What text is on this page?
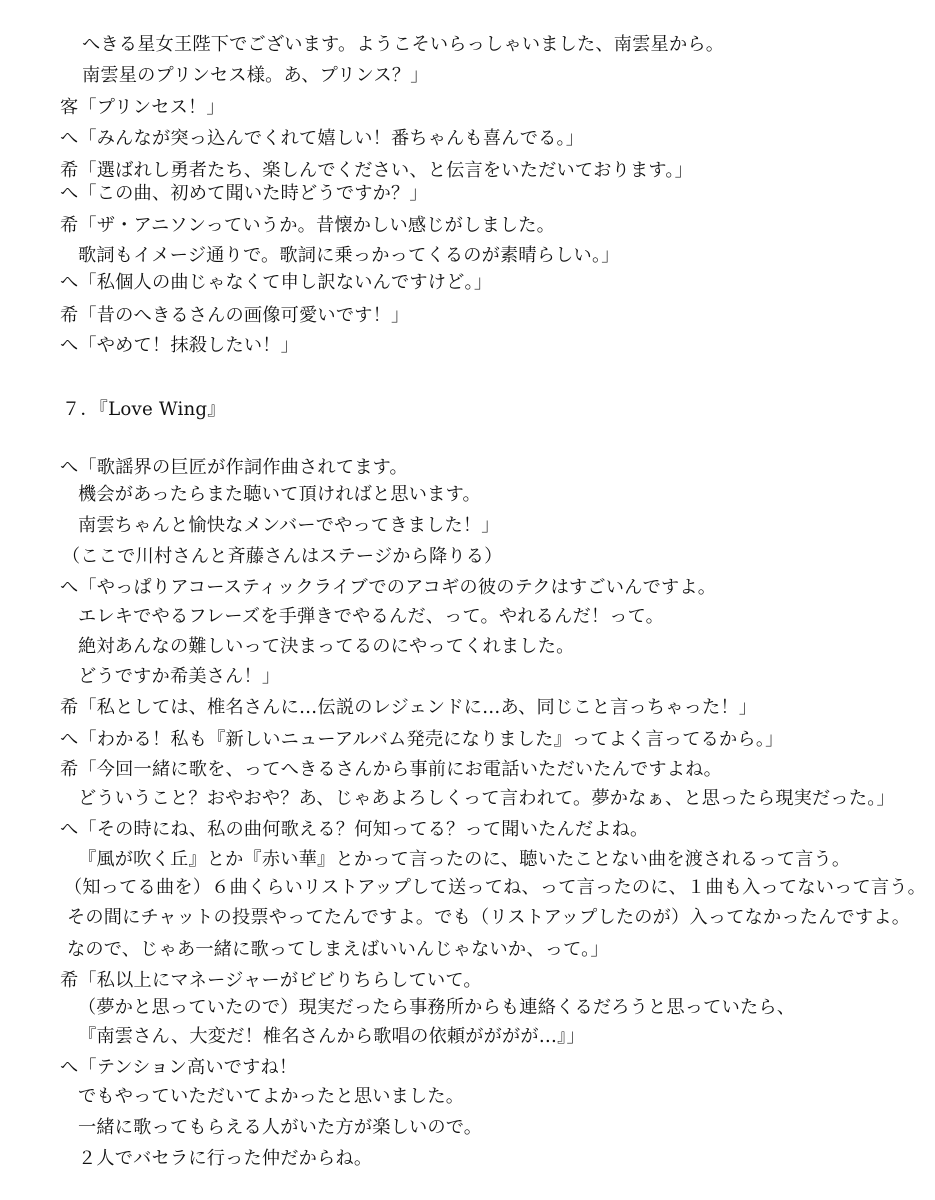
へきる星女王陛下でございます。ようこそいらっしゃいました、南雲星から。
南雲星のプリンセス様。あ、プリンス？」
客「プリンセス！」
へ「みんなが突っ込んでくれて嬉しい！番ちゃんも喜んでる。」
希「選ばれし勇者たち、楽しんでください、と伝言をいただいております。」
へ「この曲、初めて聞いた時どうですか？」
希「ザ・アニソンっていうか。昔懐かしい感じがしました。
歌詞もイメージ通りで。歌詞に乗っかってくるのが素晴らしい。」
へ「私個人の曲じゃなくて申し訳ないんですけど。」
希「昔のへきるさんの画像可愛いです！」
へ「やめて！抹殺したい！」
７．『Love Wing』
へ「歌謡界の巨匠が作詞作曲されてます。
機会があったらまた聴いて頂ければと思います。
南雲ちゃんと愉快なメンバーでやってきました！」
（ここで川村さんと斉藤さんはステージから降りる）
へ「やっぱりアコースティックライブでのアコギの彼のテクはすごいんですよ。
エレキでやるフレーズを手弾きでやるんだ、って。やれるんだ！って。
絶対あんなの難しいって決まってるのにやってくれました。
どうですか希美さん！」
希「私としては、椎名さんに…伝説のレジェンドに…あ、同じこと言っちゃった！」
へ「わかる！私も『新しいニューアルバム発売になりました』ってよく言ってるから。」
希「今回一緒に歌を、ってへきるさんから事前にお電話いただいたんですよね。
どういうこと？おやおや？あ、じゃあよろしくって言われて。夢かなぁ、と思ったら現実だった。」
へ「その時にね、私の曲何歌える？何知ってる？って聞いたんだよね。
『風が吹く丘』とか『赤い華』とかって言ったのに、聴いたことない曲を渡されるって言う。
（知ってる曲を）６曲くらいリストアップして送ってね、って言ったのに、１曲も入ってないって言う。
その間にチャットの投票やってたんですよ。でも（リストアップしたのが）入ってなかったんですよ。
なので、じゃあ一緒に歌ってしまえばいいんじゃないか、って。」
希「私以上にマネージャーがビビりちらしていて。
（夢かと思っていたので）現実だったら事務所からも連絡くるだろうと思っていたら、
『南雲さん、大変だ！椎名さんから歌唱の依頼がががが…』」
へ「テンション高いですね！
でもやっていただいてよかったと思いました。
一緒に歌ってもらえる人がいた方が楽しいので。
２人でバセラに行った仲だからね。
